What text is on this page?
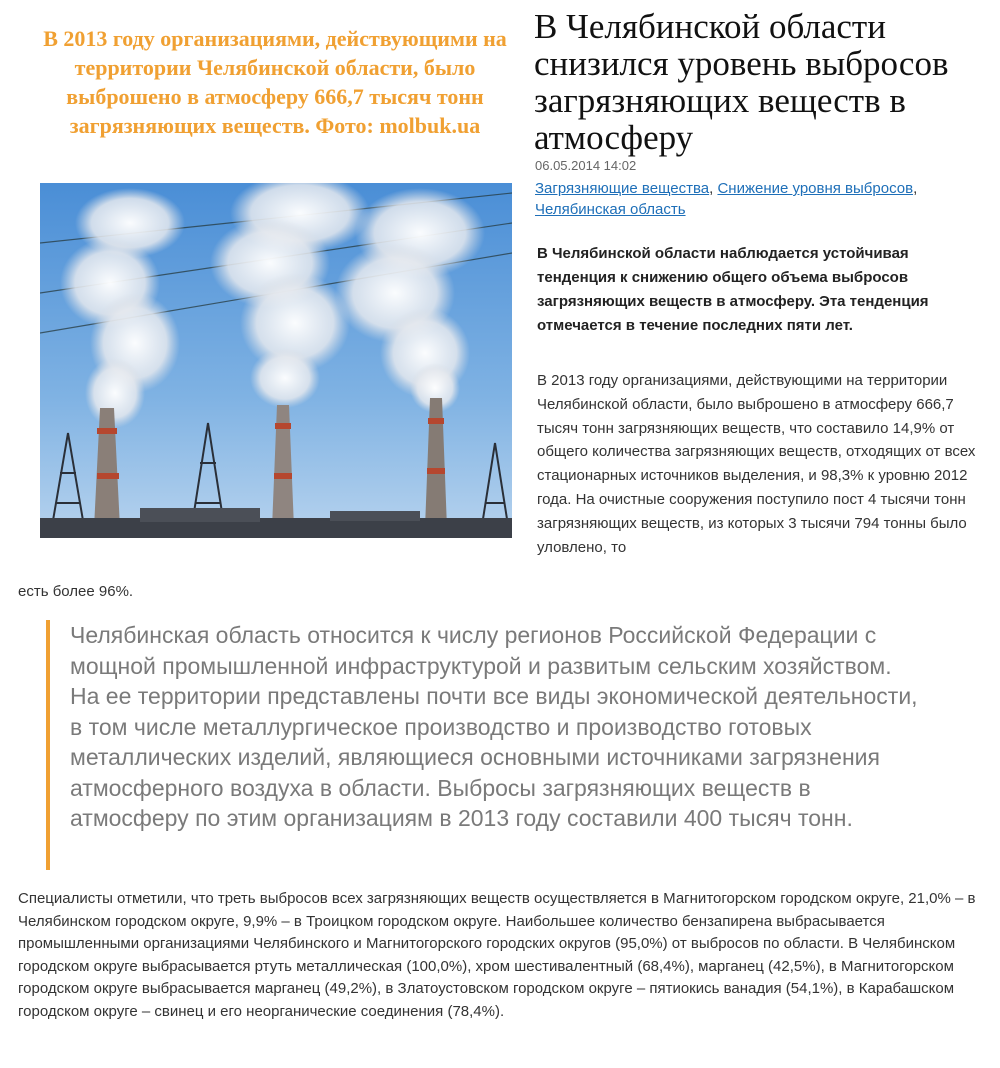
В 2013 году организациями, действующими на территории Челябинской области, было выброшено в атмосферу 666,7 тысяч тонн загрязняющих веществ. Фото: molbuk.ua
В Челябинской области снизился уровень выбросов загрязняющих веществ в атмосферу
06.05.2014 14:02
Загрязняющие вещества, Снижение уровня выбросов, Челябинская область
В Челябинской области наблюдается устойчивая тенденция к снижению общего объема выбросов загрязняющих веществ в атмосферу. Эта тенденция отмечается в течение последних пяти лет.
В 2013 году организациями, действующими на территории Челябинской области, было выброшено в атмосферу 666,7 тысяч тонн загрязняющих веществ, что составило 14,9% от общего количества загрязняющих веществ, отходящих от всех стационарных источников выделения, и 98,3% к уровню 2012 года. На очистные сооружения поступило пост 4 тысячи тонн загрязняющих веществ, из которых 3 тысячи 794 тонны было уловлено, то
есть более 96%.
Челябинская область относится к числу регионов Российской Федерации с мощной промышленной инфраструктурой и развитым сельским хозяйством. На ее территории представлены почти все виды экономической деятельности, в том числе металлургическое производство и производство готовых металлических изделий, являющиеся основными источниками загрязнения атмосферного воздуха в области. Выбросы загрязняющих веществ в атмосферу по этим организациям в 2013 году составили 400 тысяч тонн.
Специалисты отметили, что треть выбросов всех загрязняющих веществ осуществляется в Магнитогорском городском округе, 21,0% – в Челябинском городском округе, 9,9% – в Троицком городском округе. Наибольшее количество бензапирена выбрасывается промышленными организациями Челябинского и Магнитогорского городских округов (95,0%) от выбросов по области. В Челябинском городском округе выбрасывается ртуть металлическая (100,0%), хром шестивалентный (68,4%), марганец (42,5%), в Магнитогорском городском округе выбрасывается марганец (49,2%), в Златоустовском городском округе – пятиокись ванадия (54,1%), в Карабашском городском округе – свинец и его неорганические соединения (78,4%).
